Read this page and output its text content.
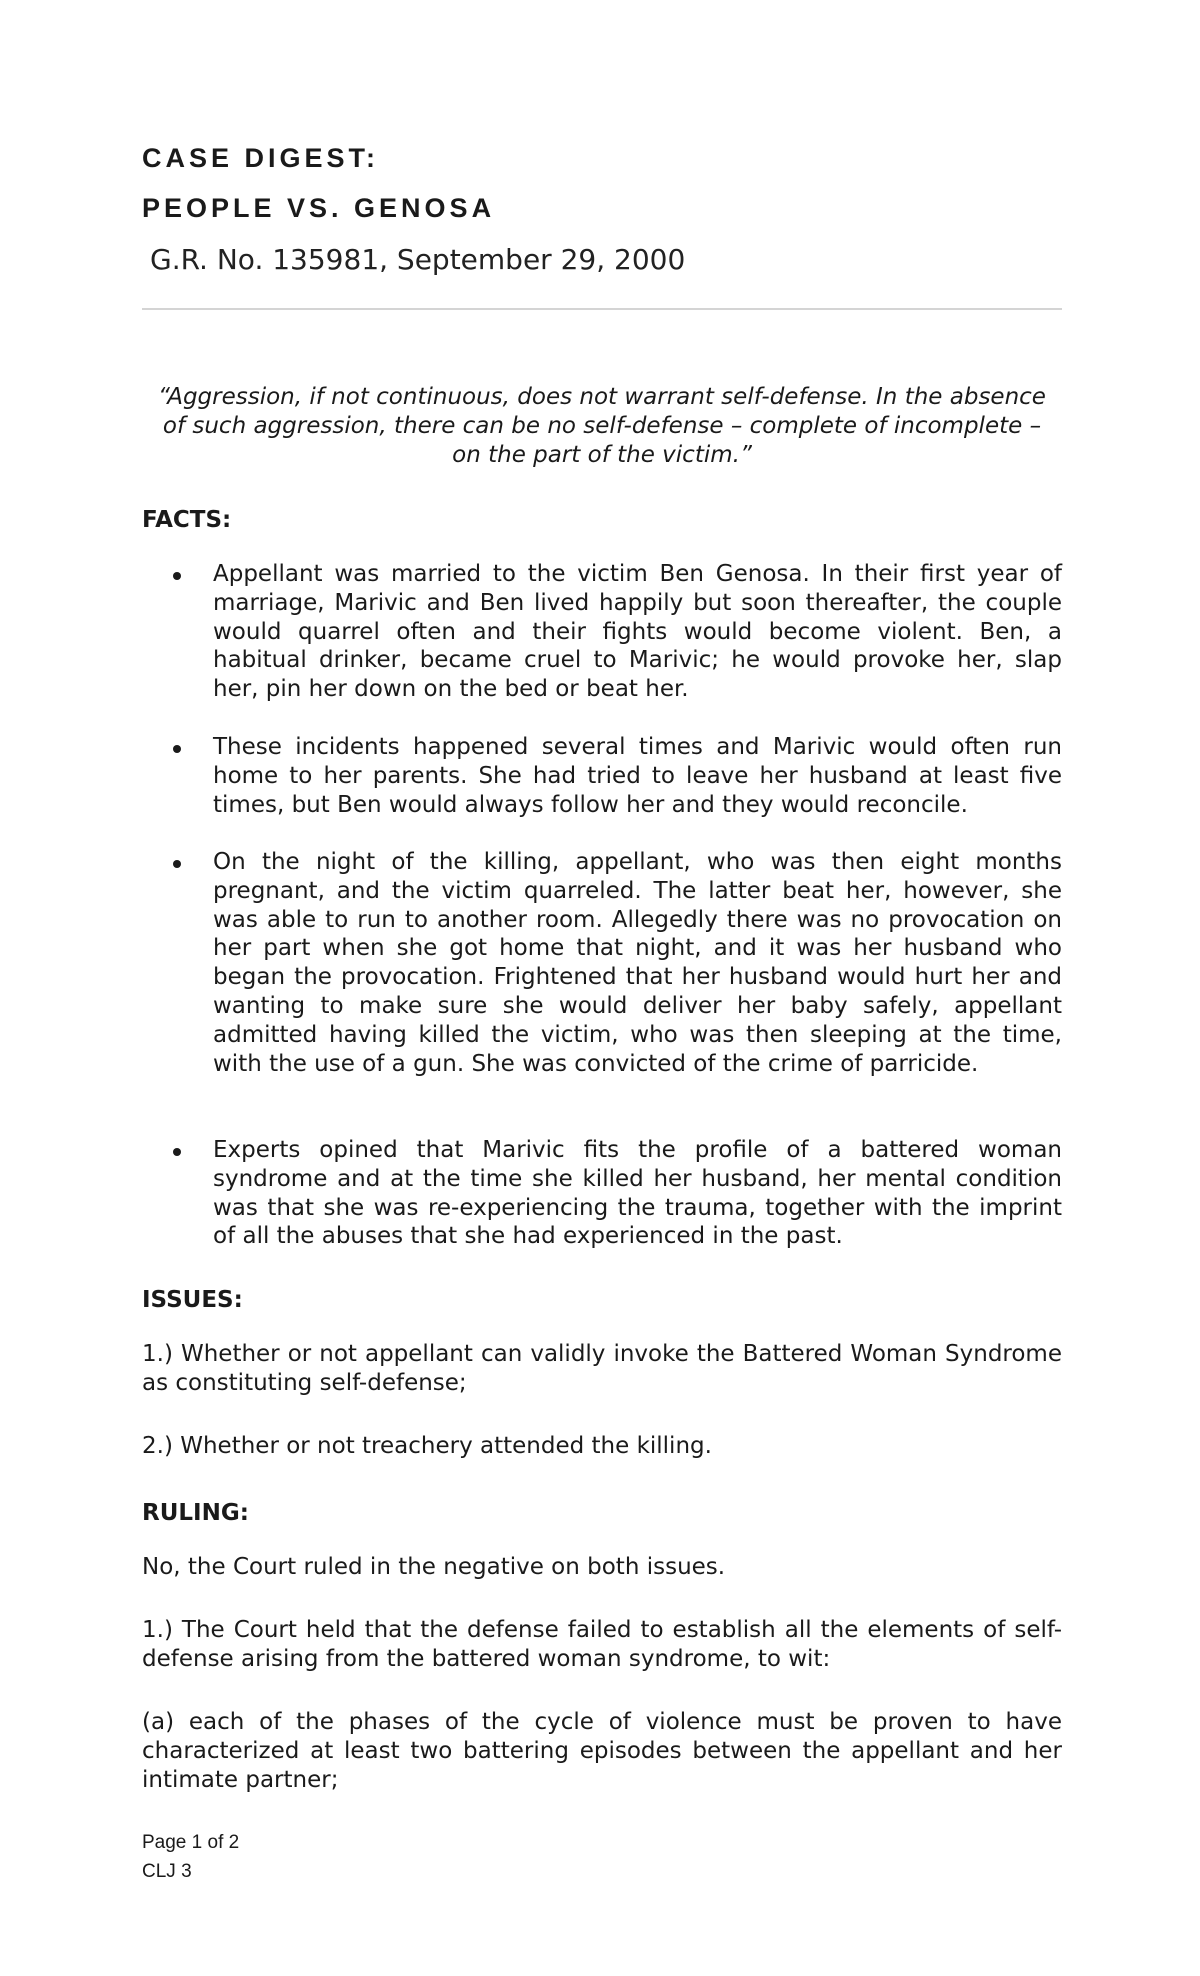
CASE DIGEST:
PEOPLE VS. GENOSA

G.R. No. 135981, September 29, 2000

“Aggression, if not continuous, does not warrant self-defense. In the absence of such aggression, there can be no self-defense – complete of incomplete – on the part of the victim.”

FACTS:
Appellant was married to the victim Ben Genosa. In their first year of marriage, Marivic and Ben lived happily but soon thereafter, the couple would quarrel often and their fights would become violent. Ben, a habitual drinker, became cruel to Marivic; he would provoke her, slap her, pin her down on the bed or beat her.
These incidents happened several times and Marivic would often run home to her parents. She had tried to leave her husband at least five times, but Ben would always follow her and they would reconcile.
On the night of the killing, appellant, who was then eight months pregnant, and the victim quarreled. The latter beat her, however, she was able to run to another room. Allegedly there was no provocation on her part when she got home that night, and it was her husband who began the provocation. Frightened that her husband would hurt her and wanting to make sure she would deliver her baby safely, appellant admitted having killed the victim, who was then sleeping at the time, with the use of a gun. She was convicted of the crime of parricide.
Experts opined that Marivic fits the profile of a battered woman syndrome and at the time she killed her husband, her mental condition was that she was re-experiencing the trauma, together with the imprint of all the abuses that she had experienced in the past.
ISSUES:

1.) Whether or not appellant can validly invoke the Battered Woman Syndrome as constituting self-defense;

2.) Whether or not treachery attended the killing.

RULING:

No, the Court ruled in the negative on both issues.

1.) The Court held that the defense failed to establish all the elements of self-defense arising from the battered woman syndrome, to wit:

(a) each of the phases of the cycle of violence must be proven to have characterized at least two battering episodes between the appellant and her intimate partner;

Page 1 of 2

CLJ 3
